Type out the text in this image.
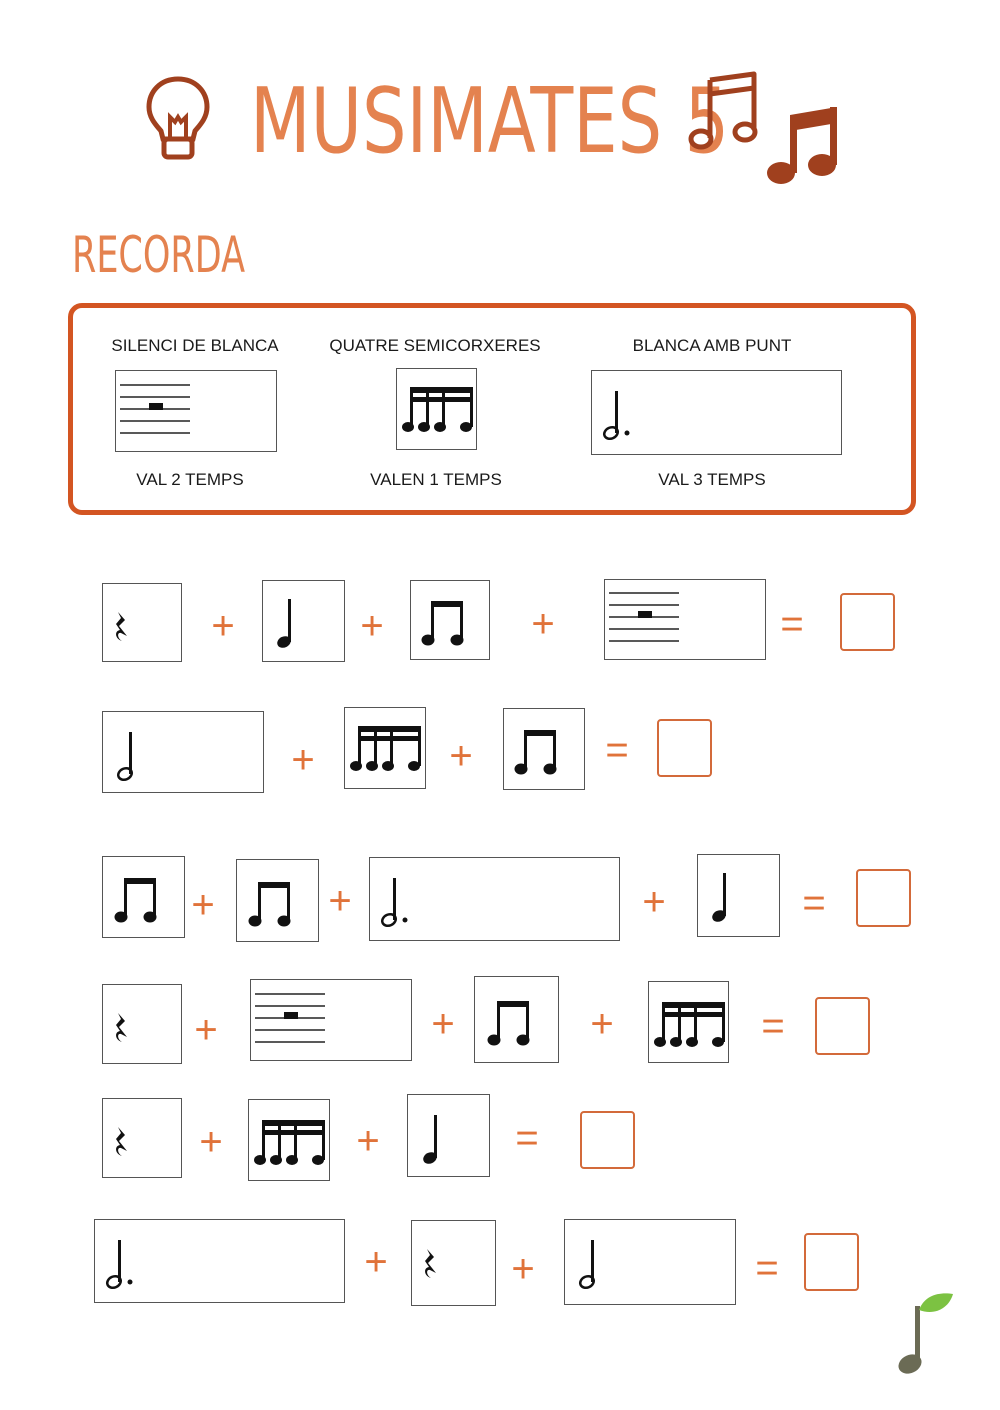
MUSIMATES 5
RECORDA
SILENCI DE BLANCA
VAL 2 TEMPS
QUATRE SEMICORXERES
VALEN 1 TEMPS
BLANCA AMB PUNT
VAL 3 TEMPS
+	+	+	=
+	+	=
+	+	+	=
+	+	+	=
+	+	=
+	+	=
